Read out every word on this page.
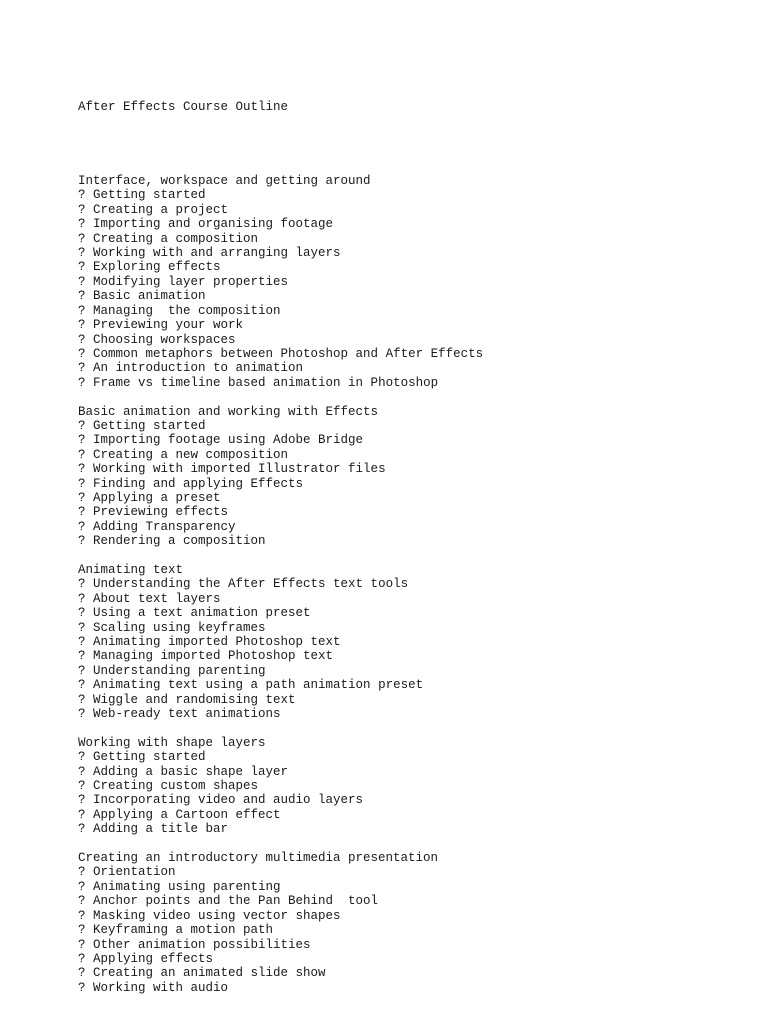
After Effects Course Outline

Interface, workspace and getting around
? Getting started
? Creating a project
? Importing and organising footage
? Creating a composition
? Working with and arranging layers
? Exploring effects
? Modifying layer properties
? Basic animation
? Managing  the composition
? Previewing your work
? Choosing workspaces
? Common metaphors between Photoshop and After Effects
? An introduction to animation
? Frame vs timeline based animation in Photoshop
Basic animation and working with Effects
? Getting started
? Importing footage using Adobe Bridge
? Creating a new composition
? Working with imported Illustrator files
? Finding and applying Effects
? Applying a preset
? Previewing effects
? Adding Transparency
? Rendering a composition
Animating text
? Understanding the After Effects text tools
? About text layers
? Using a text animation preset
? Scaling using keyframes
? Animating imported Photoshop text
? Managing imported Photoshop text
? Understanding parenting
? Animating text using a path animation preset
? Wiggle and randomising text
? Web-ready text animations
Working with shape layers
? Getting started
? Adding a basic shape layer
? Creating custom shapes
? Incorporating video and audio layers
? Applying a Cartoon effect
? Adding a title bar
Creating an introductory multimedia presentation
? Orientation
? Animating using parenting
? Anchor points and the Pan Behind  tool
? Masking video using vector shapes
? Keyframing a motion path
? Other animation possibilities
? Applying effects
? Creating an animated slide show
? Working with audio
